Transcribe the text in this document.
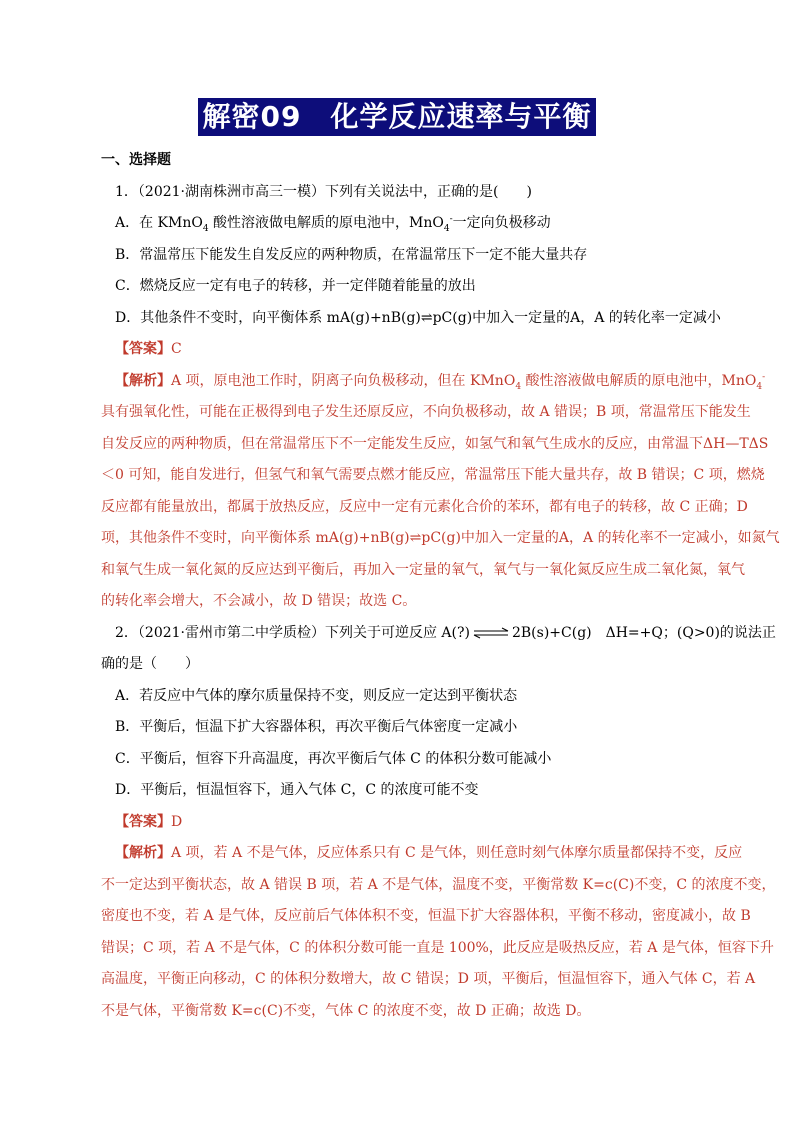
解密09　化学反应速率与平衡
一、选择题
1．（2021·湖南株洲市高三一模）下列有关说法中，正确的是(　　)
A．在 KMnO$_4$ 酸性溶液做电解质的原电池中，MnO$_4$-一定向负极移动
B．常温常压下能发生自发反应的两种物质，在常温常压下一定不能大量共存
C．燃烧反应一定有电子的转移，并一定伴随着能量的放出
D．其他条件不变时，向平衡体系 mA(g)+nB(g)⇌pC(g)中加入一定量的A，A 的转化率一定减小
【答案】C
【解析】A 项，原电池工作时，阴离子向负极移动，但在 KMnO$_4$ 酸性溶液做电解质的原电池中，MnO$_4$-
具有强氧化性，可能在正极得到电子发生还原反应，不向负极移动，故 A 错误；B 项，常温常压下能发生
自发反应的两种物质，但在常温常压下不一定能发生反应，如氢气和氧气生成水的反应，由常温下ΔH—TΔS
＜0 可知，能自发进行，但氢气和氧气需要点燃才能反应，常温常压下能大量共存，故 B 错误；C 项，燃烧
反应都有能量放出，都属于放热反应，反应中一定有元素化合价的苯环，都有电子的转移，故 C 正确；D
项，其他条件不变时，向平衡体系 mA(g)+nB(g)⇌pC(g)中加入一定量的A，A 的转化率不一定减小，如氮气
和氧气生成一氧化氮的反应达到平衡后，再加入一定量的氧气，氧气与一氧化氮反应生成二氧化氮，氧气
的转化率会增大，不会减小，故 D 错误；故选 C。
2．（2021·雷州市第二中学质检）下列关于可逆反应 A(?) ⇌ 2B(s)+C(g)　ΔH=+Q；(Q>0)的说法正
确的是（　　）
A．若反应中气体的摩尔质量保持不变，则反应一定达到平衡状态
B．平衡后，恒温下扩大容器体积，再次平衡后气体密度一定减小
C．平衡后，恒容下升高温度，再次平衡后气体 C 的体积分数可能减小
D．平衡后，恒温恒容下，通入气体 C，C 的浓度可能不变
【答案】D
【解析】A 项，若 A 不是气体，反应体系只有 C 是气体，则任意时刻气体摩尔质量都保持不变，反应
不一定达到平衡状态，故 A 错误 B 项，若 A 不是气体，温度不变，平衡常数 K=c(C)不变，C 的浓度不变，
密度也不变，若 A 是气体，反应前后气体体积不变，恒温下扩大容器体积，平衡不移动，密度减小，故 B
错误；C 项，若 A 不是气体，C 的体积分数可能一直是 100%，此反应是吸热反应，若 A 是气体，恒容下升
高温度，平衡正向移动，C 的体积分数增大，故 C 错误；D 项，平衡后，恒温恒容下，通入气体 C，若 A
不是气体，平衡常数 K=c(C)不变，气体 C 的浓度不变，故 D 正确；故选 D。
